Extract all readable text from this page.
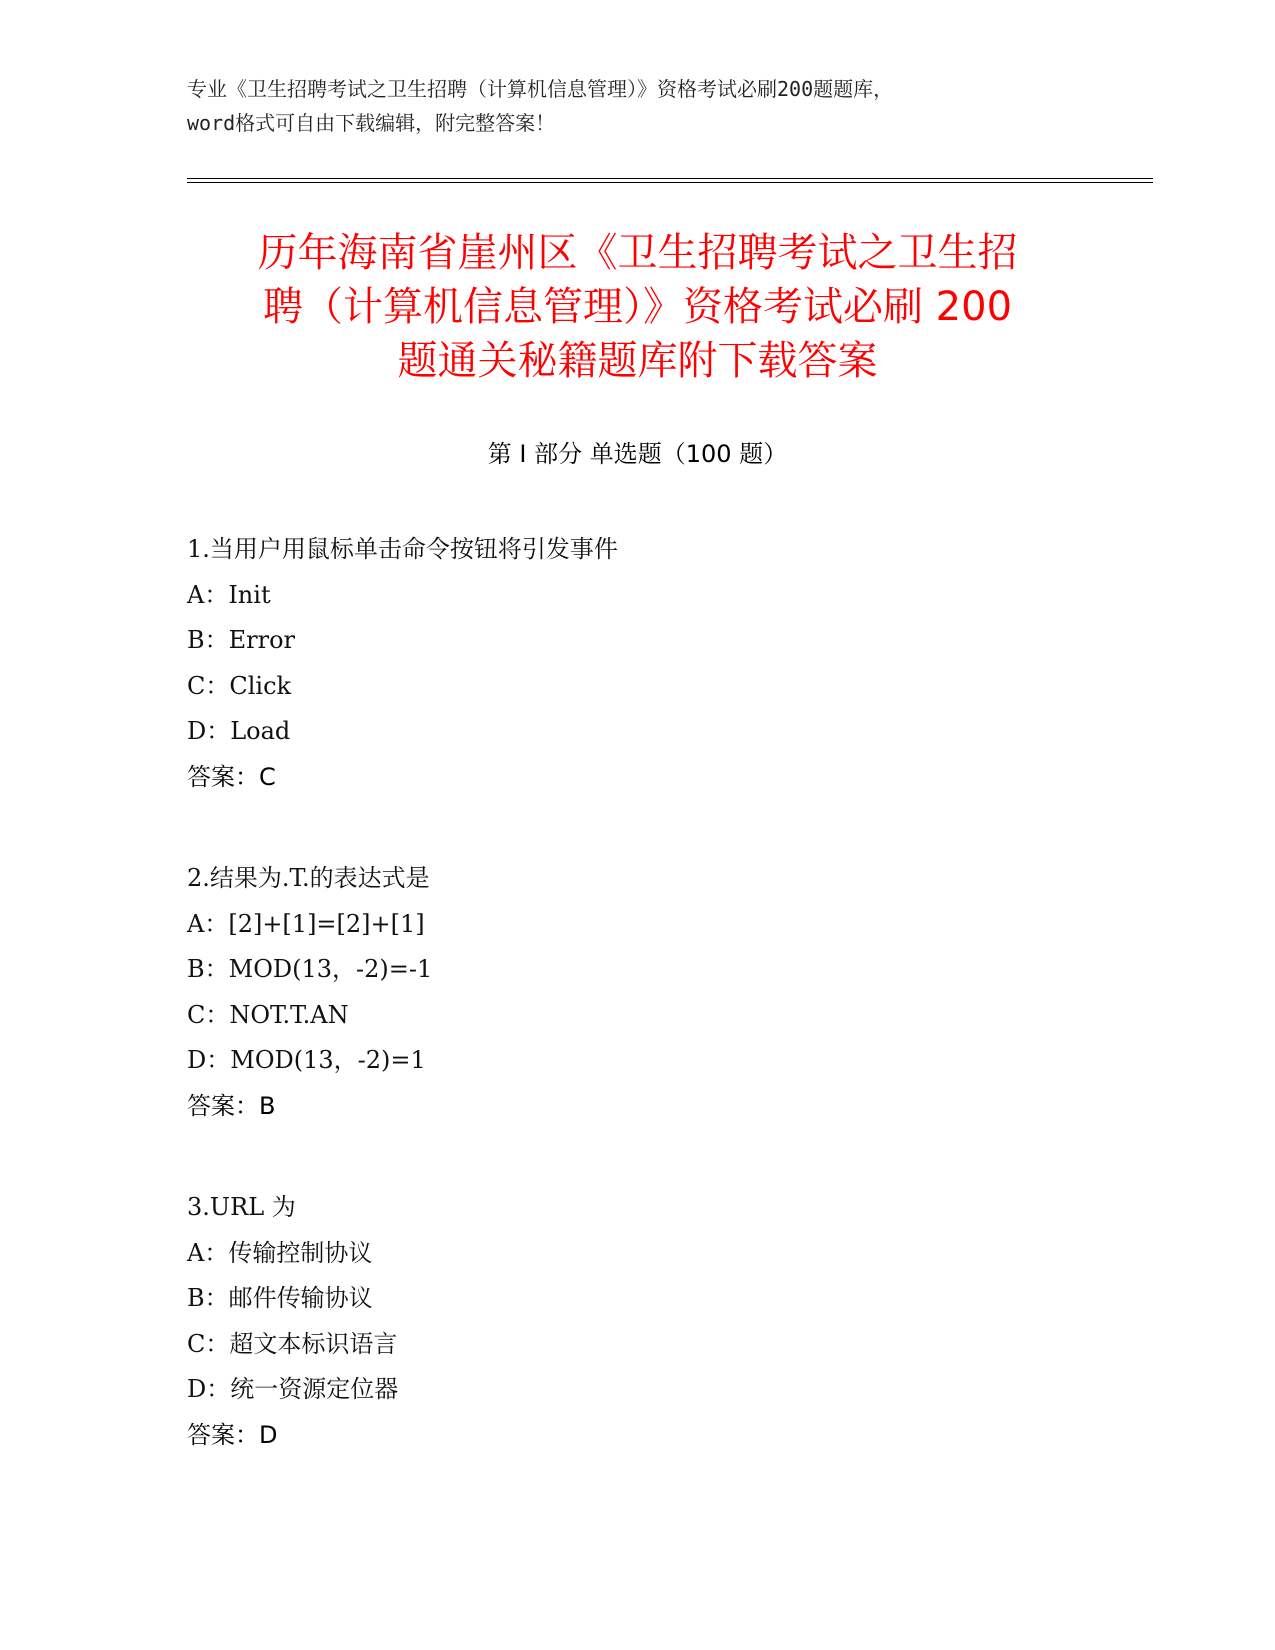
专业《卫生招聘考试之卫生招聘（计算机信息管理）》资格考试必刷200题题库，
word格式可自由下载编辑，附完整答案！
历年海南省崖州区《卫生招聘考试之卫生招
聘（计算机信息管理）》资格考试必刷 200
题通关秘籍题库附下载答案
第 I 部分 单选题（100 题）
1.当用户用鼠标单击命令按钮将引发事件
A：Init
B：Error
C：Click
D：Load
答案：C
2.结果为.T.的表达式是
A：[2]+[1]=[2]+[1]
B：MOD(13，-2)=-1
C：NOT.T.AN
D：MOD(13，-2)=1
答案：B
3.URL 为
A：传输控制协议
B：邮件传输协议
C：超文本标识语言
D：统一资源定位器
答案：D
